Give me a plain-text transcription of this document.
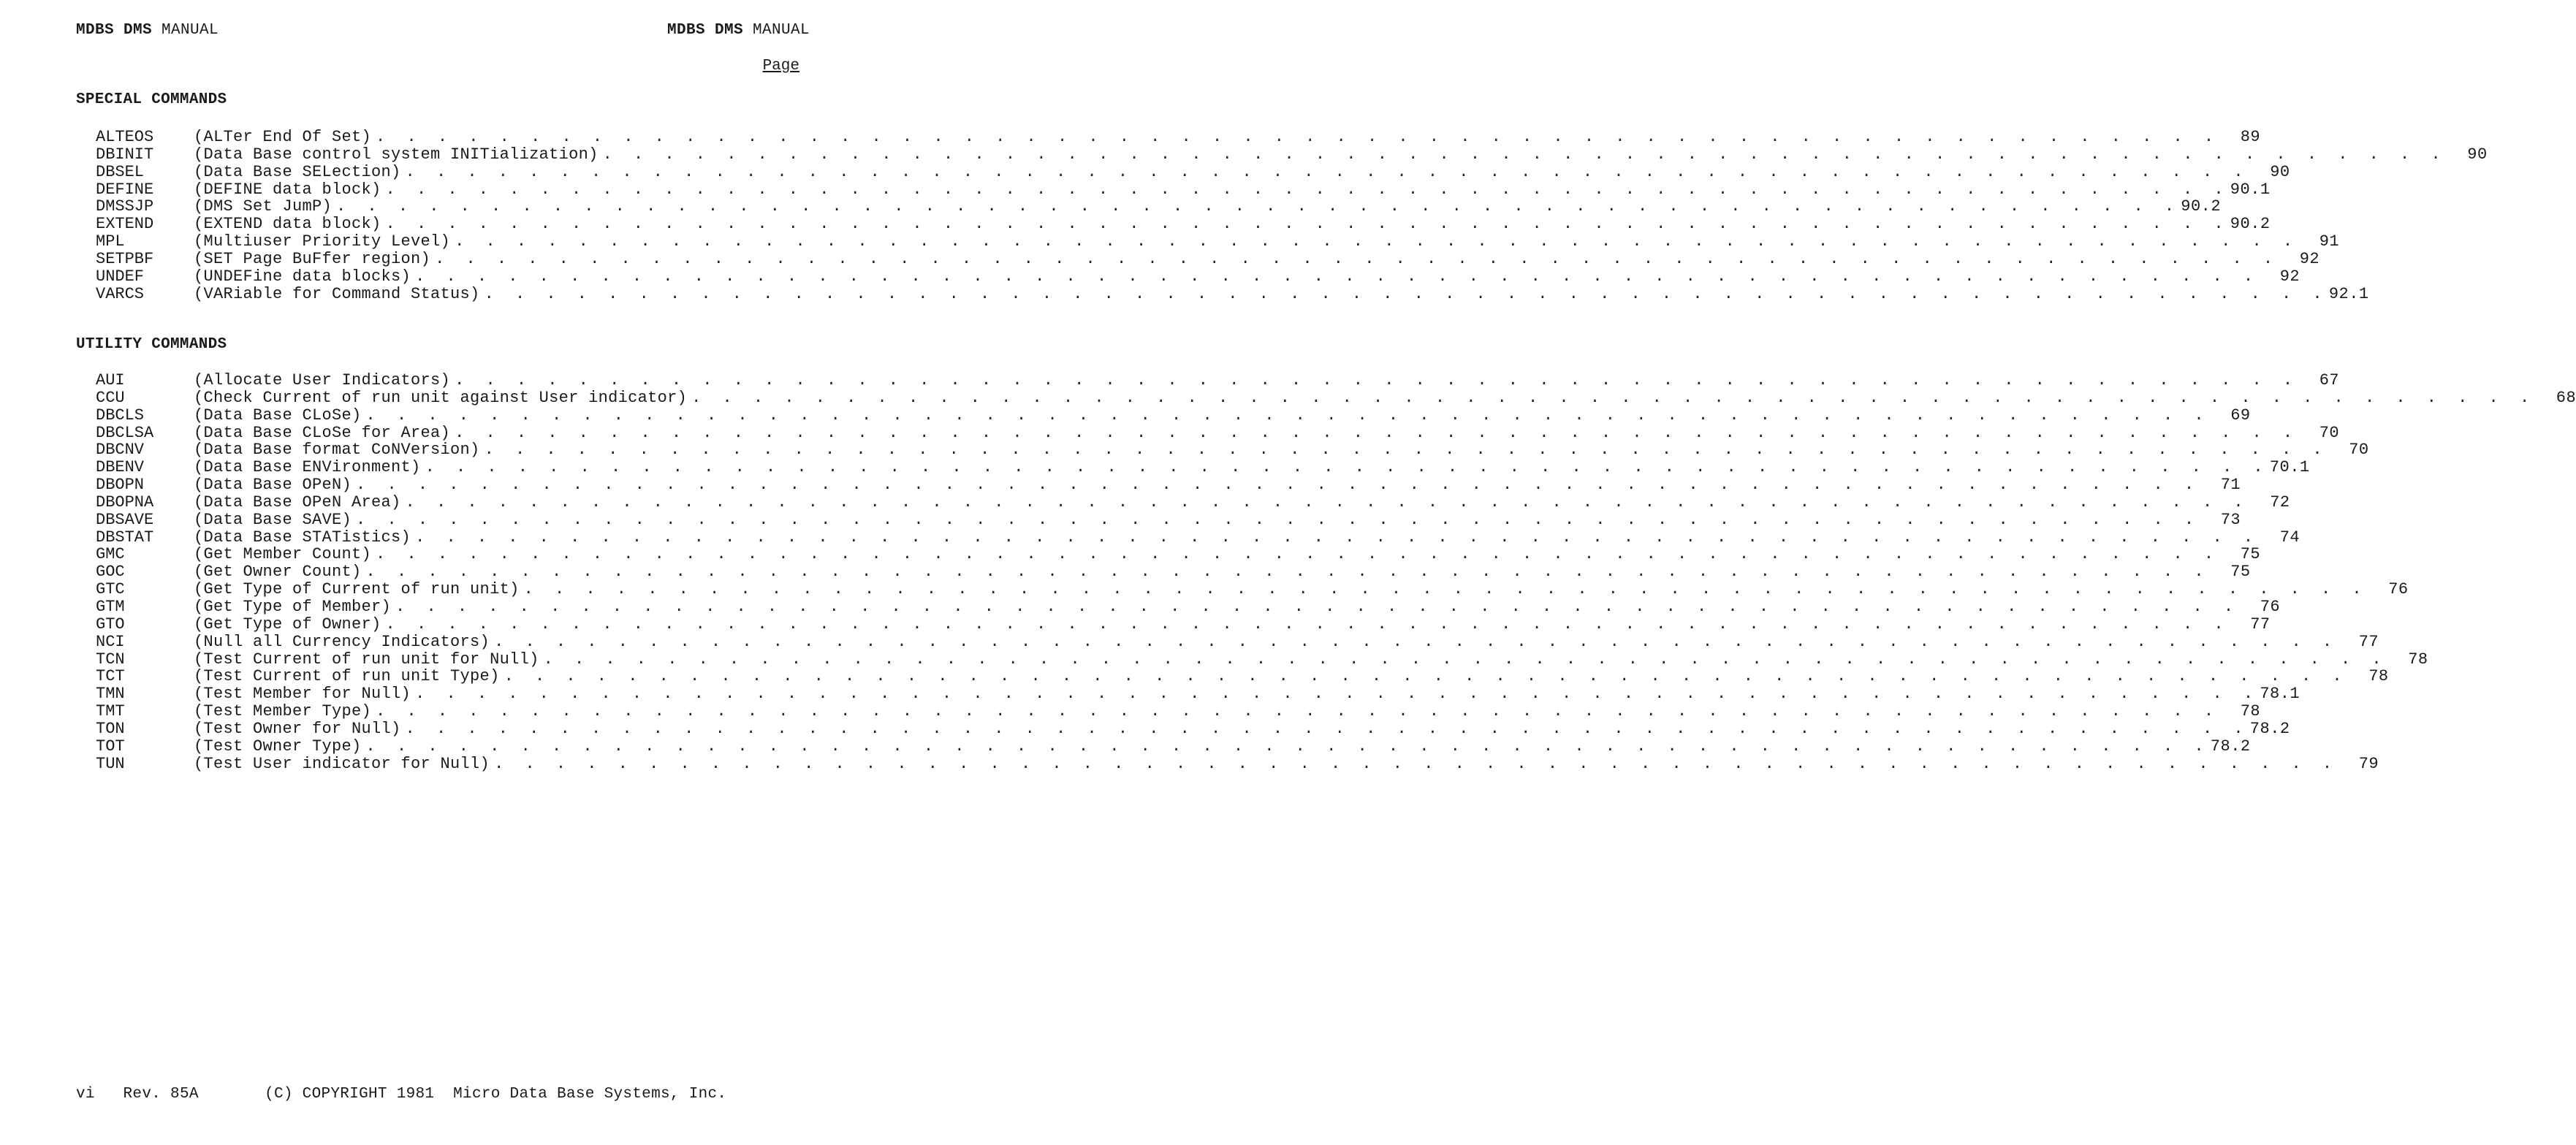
MDBS DMS MANUAL	MDBS DMS MANUAL
Page
SPECIAL COMMANDS
ALTEOS	(ALTer End Of Set) . . . . . . . . . . . . . . . . . . . . . . . . . . . . . . . . . . . . . . . . . . . . . . . . . . . . . . . . . . . .	89
DBINIT	(Data Base control system INITialization) . . . . . . . . . . . . . . . . . . . . . . . . . . . . . . . . . . . . . . . . . . . . . . . . . . . . . . . . . . . .	90
DBSEL	(Data Base SELection) . . . . . . . . . . . . . . . . . . . . . . . . . . . . . . . . . . . . . . . . . . . . . . . . . . . . . . . . . . . .	90
DEFINE	(DEFINE data block) . . . . . . . . . . . . . . . . . . . . . . . . . . . . . . . . . . . . . . . . . . . . . . . . . . . . . . . . . . . . 90.1
DMSSJP	(DMS Set JumP) . . . . . . . . . . . . . . . . . . . . . . . . . . . . . . . . . . . . . . . . . . . . . . . . . . . . . . . . . . . . 90.2
EXTEND	(EXTEND data block) . . . . . . . . . . . . . . . . . . . . . . . . . . . . . . . . . . . . . . . . . . . . . . . . . . . . . . . . . . . . 90.2
MPL	(Multiuser Priority Level) . . . . . . . . . . . . . . . . . . . . . . . . . . . . . . . . . . . . . . . . . . . . . . . . . . . . . . . . . . . .	91
SETPBF	(SET Page BuFfer region) . . . . . . . . . . . . . . . . . . . . . . . . . . . . . . . . . . . . . . . . . . . . . . . . . . . . . . . . . . . .	92
UNDEF	(UNDEFine data blocks) . . . . . . . . . . . . . . . . . . . . . . . . . . . . . . . . . . . . . . . . . . . . . . . . . . . . . . . . . . . .	92
VARCS	(VARiable for Command Status) . . . . . . . . . . . . . . . . . . . . . . . . . . . . . . . . . . . . . . . . . . . . . . . . . . . . . . . . . . . . 92.1
UTILITY COMMANDS
AUI	(Allocate User Indicators) . . . . . . . . . . . . . . . . . . . . . . . . . . . . . . . . . . . . . . . . . . . . . . . . . . . . . . . . . . . .	67
CCU	(Check Current of run unit against User indicator) . . . . . . . . . . . . . . . . . . . . . . . . . . . . . . . . . . . . . . . . . . . . . . . . . . . . . . . . . . . .	68
DBCLS	(Data Base CLoSe) . . . . . . . . . . . . . . . . . . . . . . . . . . . . . . . . . . . . . . . . . . . . . . . . . . . . . . . . . . . .	69
DBCLSA	(Data Base CLoSe for Area) . . . . . . . . . . . . . . . . . . . . . . . . . . . . . . . . . . . . . . . . . . . . . . . . . . . . . . . . . . . .	70
DBCNV	(Data Base format CoNVersion) . . . . . . . . . . . . . . . . . . . . . . . . . . . . . . . . . . . . . . . . . . . . . . . . . . . . . . . . . . . .	70
DBENV	(Data Base ENVironment) . . . . . . . . . . . . . . . . . . . . . . . . . . . . . . . . . . . . . . . . . . . . . . . . . . . . . . . . . . . . 70.1
DBOPN	(Data Base OPeN) . . . . . . . . . . . . . . . . . . . . . . . . . . . . . . . . . . . . . . . . . . . . . . . . . . . . . . . . . . . .	71
DBOPNA	(Data Base OPeN Area) . . . . . . . . . . . . . . . . . . . . . . . . . . . . . . . . . . . . . . . . . . . . . . . . . . . . . . . . . . . .	72
DBSAVE	(Data Base SAVE) . . . . . . . . . . . . . . . . . . . . . . . . . . . . . . . . . . . . . . . . . . . . . . . . . . . . . . . . . . . .	73
DBSTAT	(Data Base STATistics) . . . . . . . . . . . . . . . . . . . . . . . . . . . . . . . . . . . . . . . . . . . . . . . . . . . . . . . . . . . .	74
GMC	(Get Member Count) . . . . . . . . . . . . . . . . . . . . . . . . . . . . . . . . . . . . . . . . . . . . . . . . . . . . . . . . . . . .	75
GOC	(Get Owner Count) . . . . . . . . . . . . . . . . . . . . . . . . . . . . . . . . . . . . . . . . . . . . . . . . . . . . . . . . . . . .	75
GTC	(Get Type of Current of run unit) . . . . . . . . . . . . . . . . . . . . . . . . . . . . . . . . . . . . . . . . . . . . . . . . . . . . . . . . . . . .	76
GTM	(Get Type of Member) . . . . . . . . . . . . . . . . . . . . . . . . . . . . . . . . . . . . . . . . . . . . . . . . . . . . . . . . . . . .	76
GTO	(Get Type of Owner) . . . . . . . . . . . . . . . . . . . . . . . . . . . . . . . . . . . . . . . . . . . . . . . . . . . . . . . . . . . .	77
NCI	(Null all Currency Indicators) . . . . . . . . . . . . . . . . . . . . . . . . . . . . . . . . . . . . . . . . . . . . . . . . . . . . . . . . . . . .	77
TCN	(Test Current of run unit for Null) . . . . . . . . . . . . . . . . . . . . . . . . . . . . . . . . . . . . . . . . . . . . . . . . . . . . . . . . . . . .	78
TCT	(Test Current of run unit Type) . . . . . . . . . . . . . . . . . . . . . . . . . . . . . . . . . . . . . . . . . . . . . . . . . . . . . . . . . . . .	78
TMN	(Test Member for Null) . . . . . . . . . . . . . . . . . . . . . . . . . . . . . . . . . . . . . . . . . . . . . . . . . . . . . . . . . . . . 78.1
TMT	(Test Member Type) . . . . . . . . . . . . . . . . . . . . . . . . . . . . . . . . . . . . . . . . . . . . . . . . . . . . . . . . . . . .	78
TON	(Test Owner for Null) . . . . . . . . . . . . . . . . . . . . . . . . . . . . . . . . . . . . . . . . . . . . . . . . . . . . . . . . . . . . 78.2
TOT	(Test Owner Type) . . . . . . . . . . . . . . . . . . . . . . . . . . . . . . . . . . . . . . . . . . . . . . . . . . . . . . . . . . . . 78.2
TUN	(Test User indicator for Null) . . . . . . . . . . . . . . . . . . . . . . . . . . . . . . . . . . . . . . . . . . . . . . . . . . . . . . . . . . . .	79
vi Rev. 85A	(C) COPYRIGHT 1981 Micro Data Base Systems, Inc.
